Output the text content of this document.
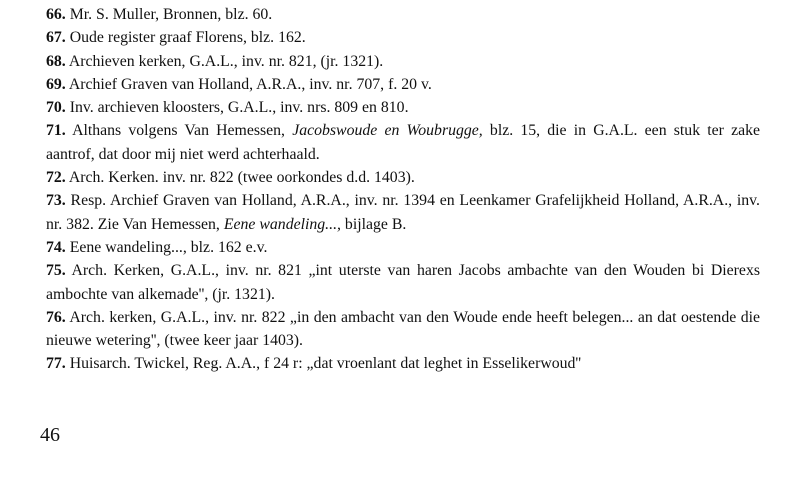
66. Mr. S. Muller, Bronnen, blz. 60.

67. Oude register graaf Florens, blz. 162.

68. Archieven kerken, G.A.L., inv. nr. 821, (jr. 1321).

69. Archief Graven van Holland, A.R.A., inv. nr. 707, f. 20 v.

70. Inv. archieven kloosters, G.A.L., inv. nrs. 809 en 810.

71. Althans volgens Van Hemessen, Jacobswoude en Woubrugge, blz. 15, die in G.A.L. een stuk ter zake aantrof, dat door mij niet werd achterhaald.

72. Arch. Kerken. inv. nr. 822 (twee oorkondes d.d. 1403).

73. Resp. Archief Graven van Holland, A.R.A., inv. nr. 1394 en Leenkamer Grafelijkheid Holland, A.R.A., inv. nr. 382. Zie Van Hemessen, Eene wandeling..., bijlage B.

74. Eene wandeling..., blz. 162 e.v.

75. Arch. Kerken, G.A.L., inv. nr. 821 „int uterste van haren Jacobs ambachte van den Wouden bi Dierexs ambochte van alkemade'', (jr. 1321).

76. Arch. kerken, G.A.L., inv. nr. 822 „in den ambacht van den Woude ende heeft belegen... an dat oestende die nieuwe wetering'', (twee keer jaar 1403).

77. Huisarch. Twickel, Reg. A.A., f 24 r: „dat vroenlant dat leghet in Esselikerwoud''

46
